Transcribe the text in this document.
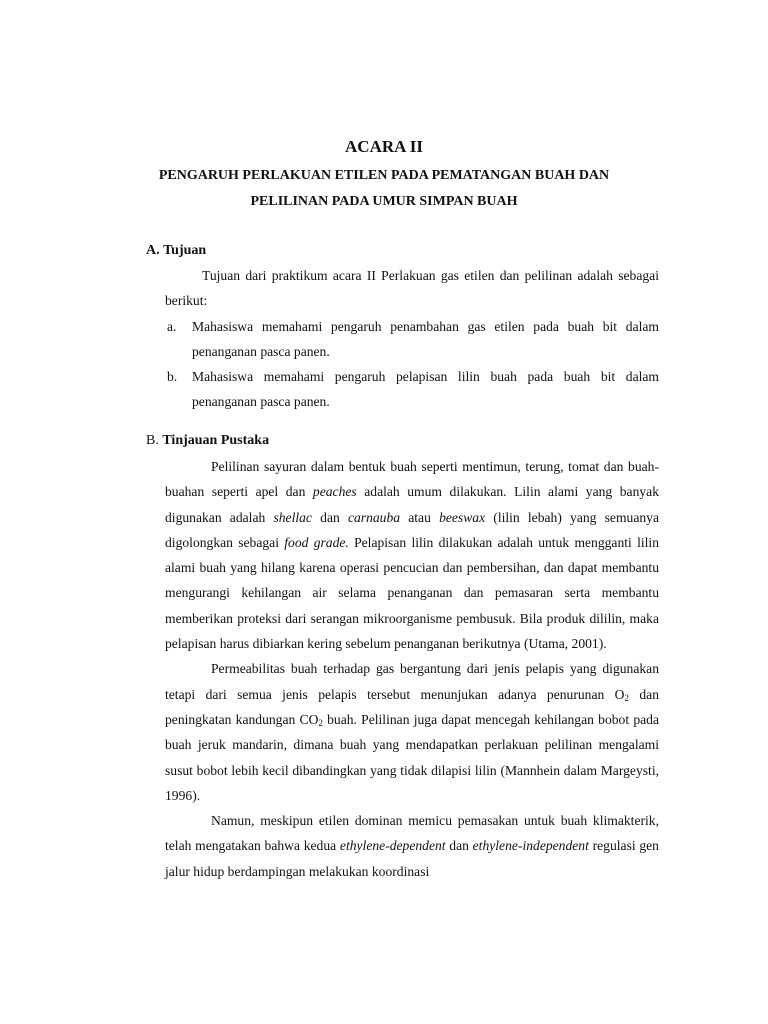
ACARA II
PENGARUH PERLAKUAN ETILEN PADA PEMATANGAN BUAH DAN
PELILINAN PADA UMUR SIMPAN BUAH
A. Tujuan

Tujuan dari praktikum acara II Perlakuan gas etilen dan pelilinan adalah sebagai berikut:

a. Mahasiswa memahami pengaruh penambahan gas etilen pada buah bit dalam penanganan pasca panen.
b. Mahasiswa memahami pengaruh pelapisan lilin buah pada buah bit dalam penanganan pasca panen.
B. Tinjauan Pustaka

Pelilinan sayuran dalam bentuk buah seperti mentimun, terung, tomat dan buah-buahan seperti apel dan peaches adalah umum dilakukan. Lilin alami yang banyak digunakan adalah shellac dan carnauba atau beeswax (lilin lebah) yang semuanya digolongkan sebagai food grade. Pelapisan lilin dilakukan adalah untuk mengganti lilin alami buah yang hilang karena operasi pencucian dan pembersihan, dan dapat membantu mengurangi kehilangan air selama penanganan dan pemasaran serta membantu memberikan proteksi dari serangan mikroorganisme pembusuk. Bila produk dililin, maka pelapisan harus dibiarkan kering sebelum penanganan berikutnya (Utama, 2001).

Permeabilitas buah terhadap gas bergantung dari jenis pelapis yang digunakan tetapi dari semua jenis pelapis tersebut menunjukan adanya penurunan $O_2$ dan peningkatan kandungan $CO_2$ buah. Pelilinan juga dapat mencegah kehilangan bobot pada buah jeruk mandarin, dimana buah yang mendapatkan perlakuan pelilinan mengalami susut bobot lebih kecil dibandingkan yang tidak dilapisi lilin (Mannhein dalam Margeysti, 1996).

Namun, meskipun etilen dominan memicu pemasakan untuk buah klimakterik, telah mengatakan bahwa kedua ethylene-dependent dan ethylene-independent regulasi gen jalur hidup berdampingan melakukan koordinasi
